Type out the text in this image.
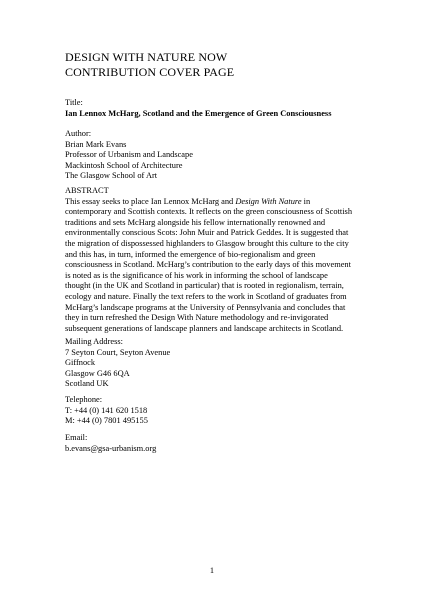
DESIGN WITH NATURE NOW
CONTRIBUTION COVER PAGE
Title:
Ian Lennox McHarg, Scotland and the Emergence of Green Consciousness
Author:
Brian Mark Evans
Professor of Urbanism and Landscape
Mackintosh School of Architecture
The Glasgow School of Art
ABSTRACT
This essay seeks to place Ian Lennox McHarg and Design With Nature in
contemporary and Scottish contexts. It reflects on the green consciousness of Scottish
traditions and sets McHarg alongside his fellow internationally renowned and
environmentally conscious Scots: John Muir and Patrick Geddes. It is suggested that
the migration of dispossessed highlanders to Glasgow brought this culture to the city
and this has, in turn, informed the emergence of bio-regionalism and green
consciousness in Scotland. McHarg’s contribution to the early days of this movement
is noted as is the significance of his work in informing the school of landscape
thought (in the UK and Scotland in particular) that is rooted in regionalism, terrain,
ecology and nature. Finally the text refers to the work in Scotland of graduates from
McHarg’s landscape programs at the University of Pennsylvania and concludes that
they in turn refreshed the Design With Nature methodology and re-invigorated
subsequent generations of landscape planners and landscape architects in Scotland.
Mailing Address:
7 Seyton Court, Seyton Avenue
Giffnock
Glasgow G46 6QA
Scotland UK
Telephone:
T: +44 (0) 141 620 1518
M: +44 (0) 7801 495155
Email:
b.evans@gsa-urbanism.org
1
